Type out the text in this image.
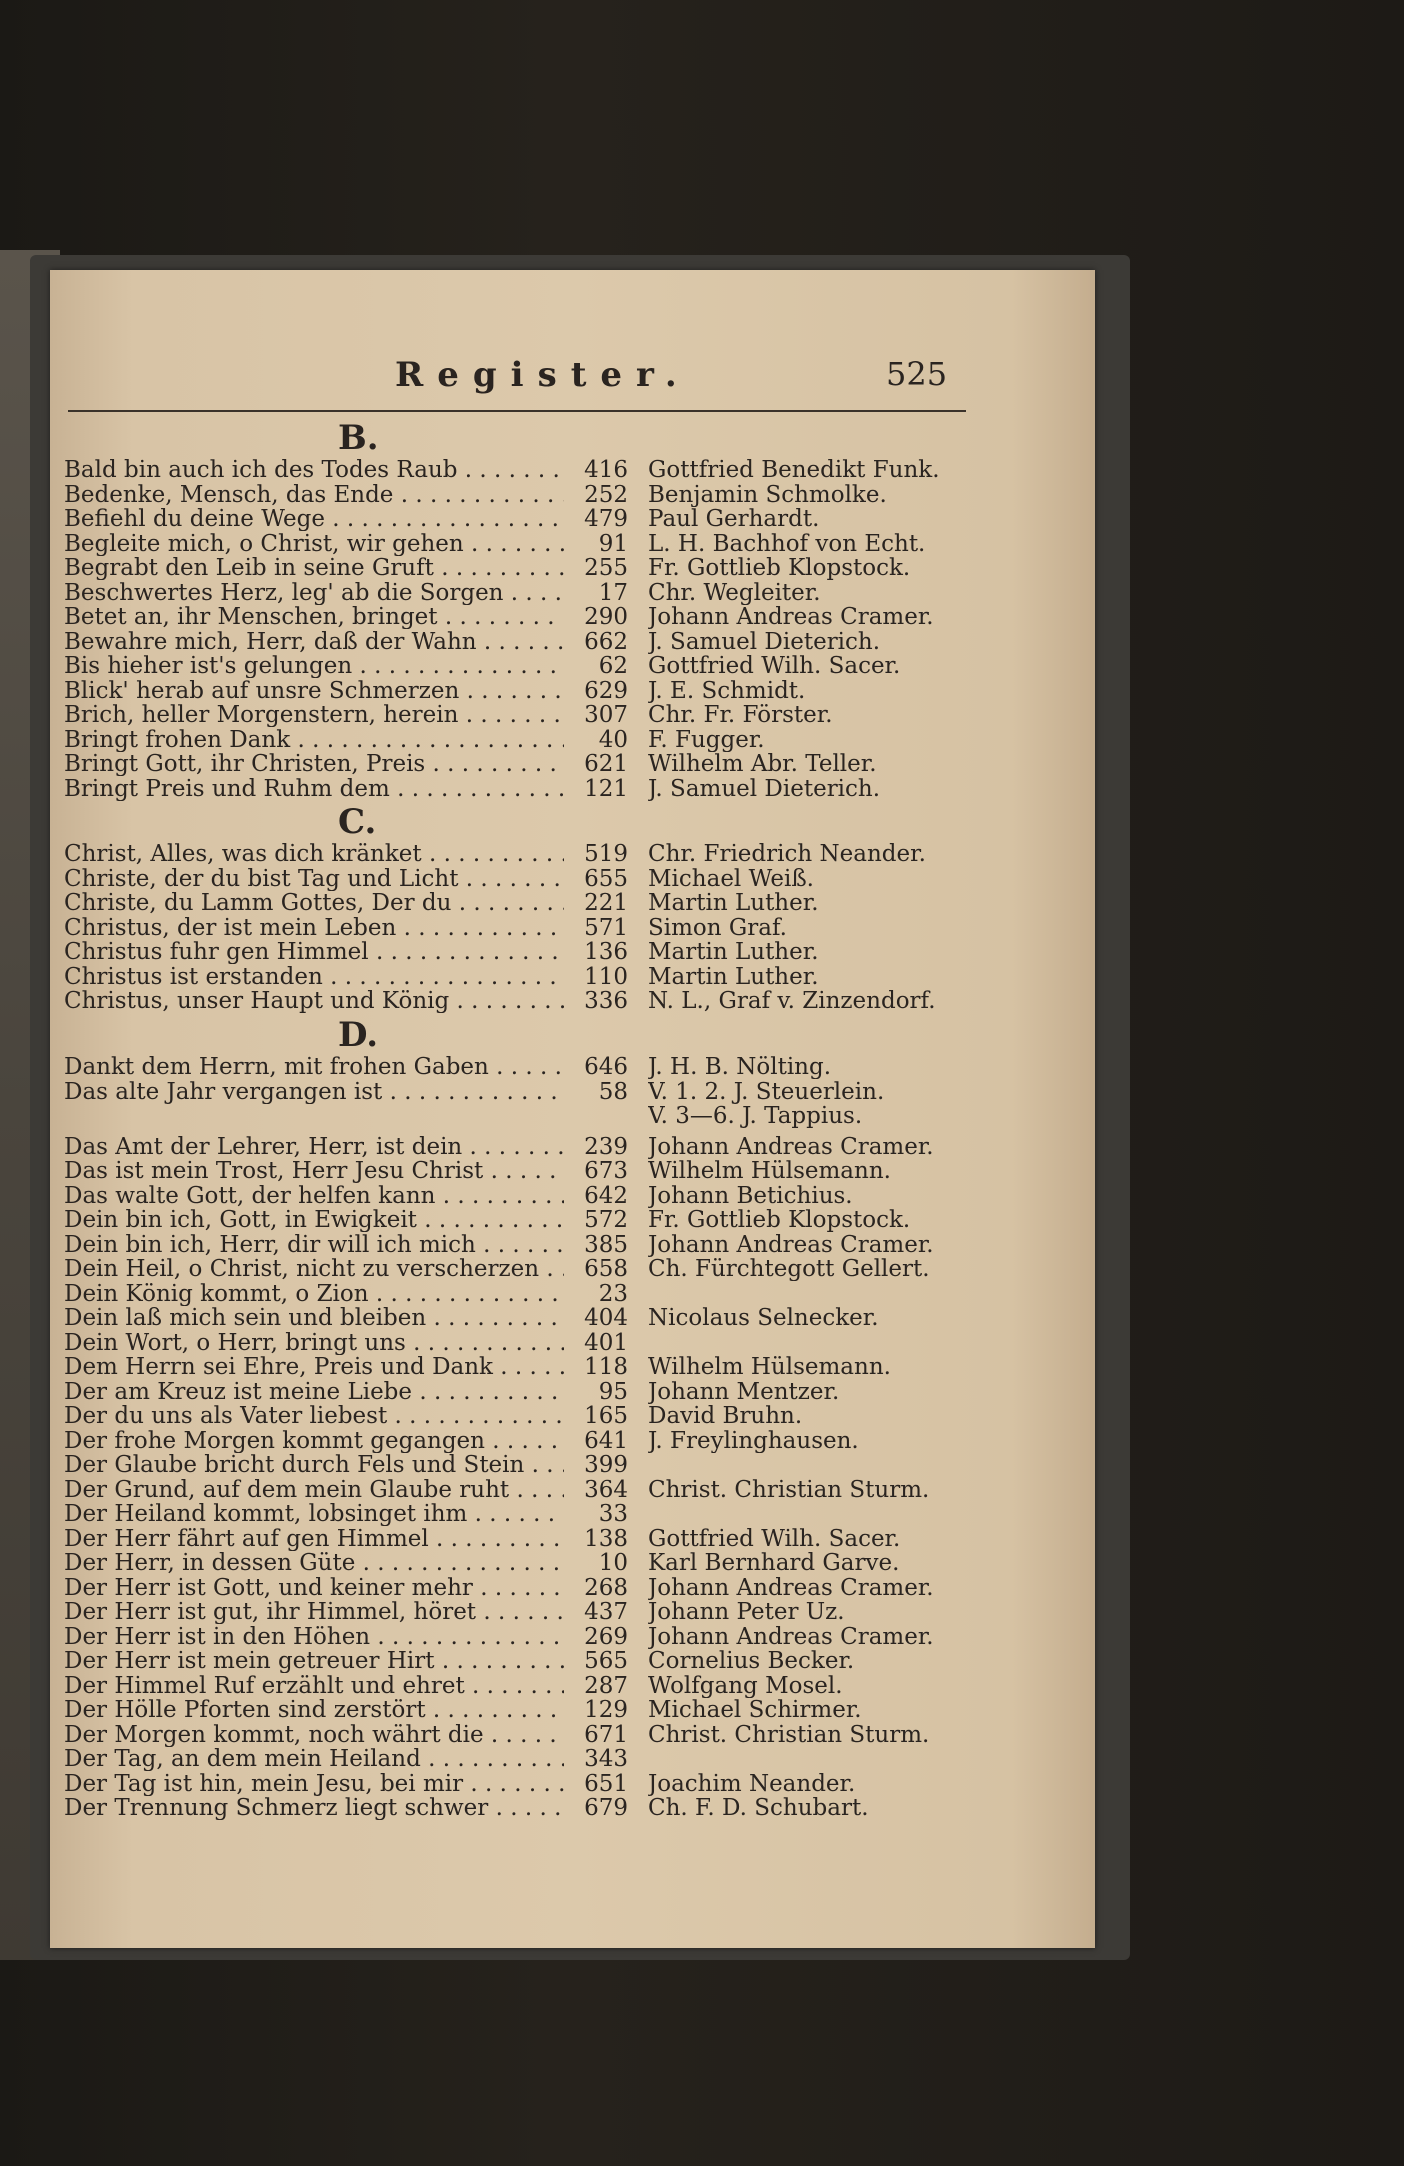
Register.	525
B.
Bald bin auch ich des Todes Raub . . .	416 Gottfried Benedikt Funk.
Bedenke, Mensch, das Ende . . .	252 Benjamin Schmolke.
Befiehl du deine Wege . . .	479 Paul Gerhardt.
Begleite mich, o Christ, wir gehen . . .	91 L. H. Bachhof von Echt.
Begrabt den Leib in seine Gruft . . .	255 Fr. Gottlieb Klopstock.
Beschwertes Herz, leg' ab die Sorgen . . .	17 Chr. Wegleiter.
Betet an, ihr Menschen, bringet . . .	290 Johann Andreas Cramer.
Bewahre mich, Herr, daß der Wahn . . .	662 J. Samuel Dieterich.
Bis hieher ist's gelungen . . .	62 Gottfried Wilh. Sacer.
Blick' herab auf unsre Schmerzen . . .	629 J. E. Schmidt.
Brich, heller Morgenstern, herein . . .	307 Chr. Fr. Förster.
Bringt frohen Dank . . .	40 F. Fugger.
Bringt Gott, ihr Christen, Preis . . .	621 Wilhelm Abr. Teller.
Bringt Preis und Ruhm dem . . .	121 J. Samuel Dieterich.
C.
Christ, Alles, was dich kränket . . .	519 Chr. Friedrich Neander.
Christe, der du bist Tag und Licht . . .	655 Michael Weiß.
Christe, du Lamm Gottes, Der du . . .	221 Martin Luther.
Christus, der ist mein Leben . . .	571 Simon Graf.
Christus fuhr gen Himmel . . .	136 Martin Luther.
Christus ist erstanden . . .	110 Martin Luther.
Christus, unser Haupt und König . . .	336 N. L., Graf v. Zinzendorf.
D.
Dankt dem Herrn, mit frohen Gaben . . .	646 J. H. B. Nölting.
Das alte Jahr vergangen ist . . .	58 V. 1. 2. J. Steuerlein.
V. 3—6. J. Tappius.
Das Amt der Lehrer, Herr, ist dein . . .	239 Johann Andreas Cramer.
Das ist mein Trost, Herr Jesu Christ . . .	673 Wilhelm Hülsemann.
Das walte Gott, der helfen kann . . .	642 Johann Betichius.
Dein bin ich, Gott, in Ewigkeit . . .	572 Fr. Gottlieb Klopstock.
Dein bin ich, Herr, dir will ich mich . . .	385 Johann Andreas Cramer.
Dein Heil, o Christ, nicht zu verscherzen . . .	658 Ch. Fürchtegott Gellert.
Dein König kommt, o Zion . . .	23
Dein laß mich sein und bleiben . . .	404 Nicolaus Selnecker.
Dein Wort, o Herr, bringt uns . . .	401
Dem Herrn sei Ehre, Preis und Dank . . .	118 Wilhelm Hülsemann.
Der am Kreuz ist meine Liebe . . .	95 Johann Mentzer.
Der du uns als Vater liebest . . .	165 David Bruhn.
Der frohe Morgen kommt gegangen . . .	641 J. Freylinghausen.
Der Glaube bricht durch Fels und Stein . . .	399
Der Grund, auf dem mein Glaube ruht . . .	364 Christ. Christian Sturm.
Der Heiland kommt, lobsinget ihm . . .	33
Der Herr fährt auf gen Himmel . . .	138 Gottfried Wilh. Sacer.
Der Herr, in dessen Güte . . .	10 Karl Bernhard Garve.
Der Herr ist Gott, und keiner mehr . . .	268 Johann Andreas Cramer.
Der Herr ist gut, ihr Himmel, höret . . .	437 Johann Peter Uz.
Der Herr ist in den Höhen . . .	269 Johann Andreas Cramer.
Der Herr ist mein getreuer Hirt . . .	565 Cornelius Becker.
Der Himmel Ruf erzählt und ehret . . .	287 Wolfgang Mosel.
Der Hölle Pforten sind zerstört . . .	129 Michael Schirmer.
Der Morgen kommt, noch währt die . . .	671 Christ. Christian Sturm.
Der Tag, an dem mein Heiland . . .	343
Der Tag ist hin, mein Jesu, bei mir . . .	651 Joachim Neander.
Der Trennung Schmerz liegt schwer . . .	679 Ch. F. D. Schubart.
